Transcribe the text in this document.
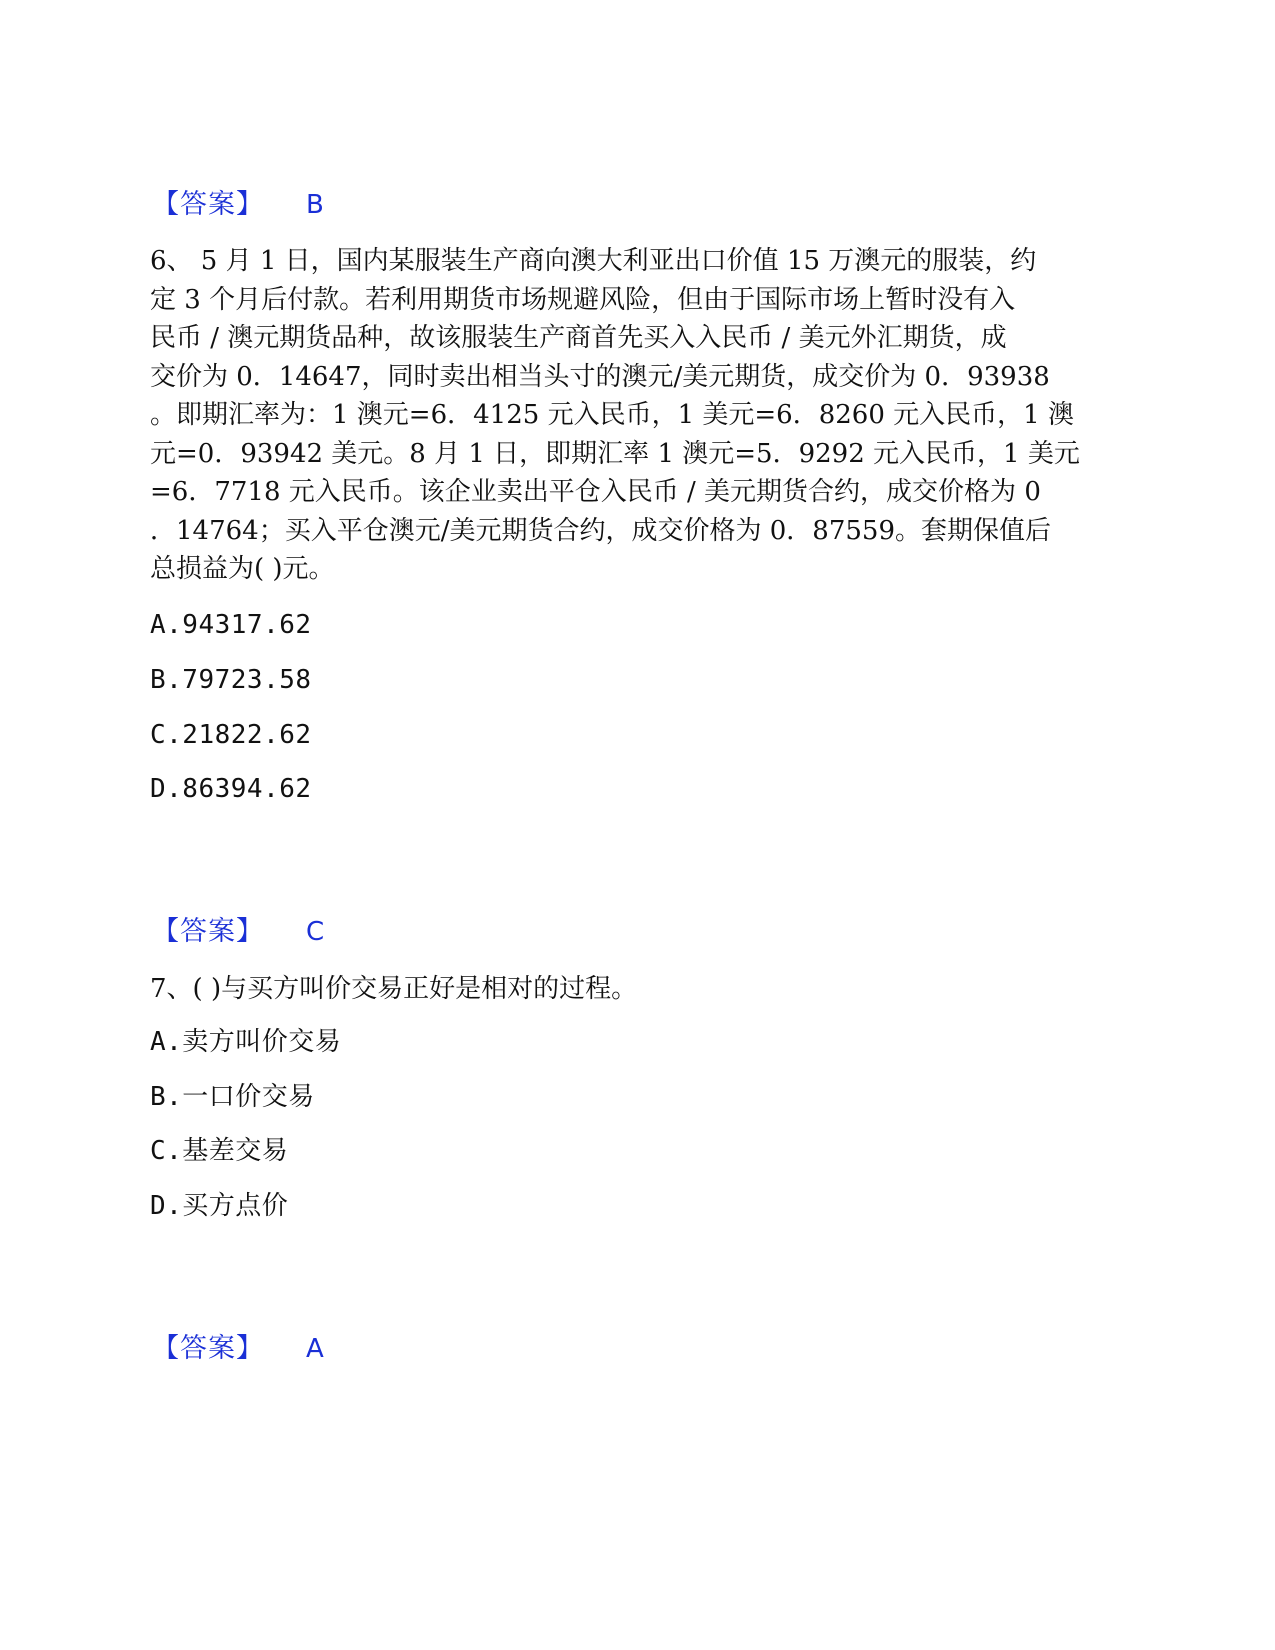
【答案】 B

6、 5 月 1 日，国内某服装生产商向澳大利亚出口价值 15 万澳元的服装，约
定 3 个月后付款。若利用期货市场规避风险，但由于国际市场上暂时没有入
民币 / 澳元期货品种，故该服装生产商首先买入入民币 / 美元外汇期货，成
交价为 0．14647，同时卖出相当头寸的澳元/美元期货，成交价为 0．93938
。即期汇率为：1 澳元=6．4125 元入民币，1 美元=6．8260 元入民币，1 澳
元=0．93942 美元。8 月 1 日，即期汇率 1 澳元=5．9292 元入民币，1 美元
=6．7718 元入民币。该企业卖出平仓入民币 / 美元期货合约，成交价格为 0
．14764；买入平仓澳元/美元期货合约，成交价格为 0．87559。套期保值后
总损益为( )元。

A.94317.62
B.79723.58
C.21822.62
D.86394.62
【答案】 C

7、( )与买方叫价交易正好是相对的过程。

A.卖方叫价交易
B.一口价交易
C.基差交易
D.买方点价
【答案】 A
